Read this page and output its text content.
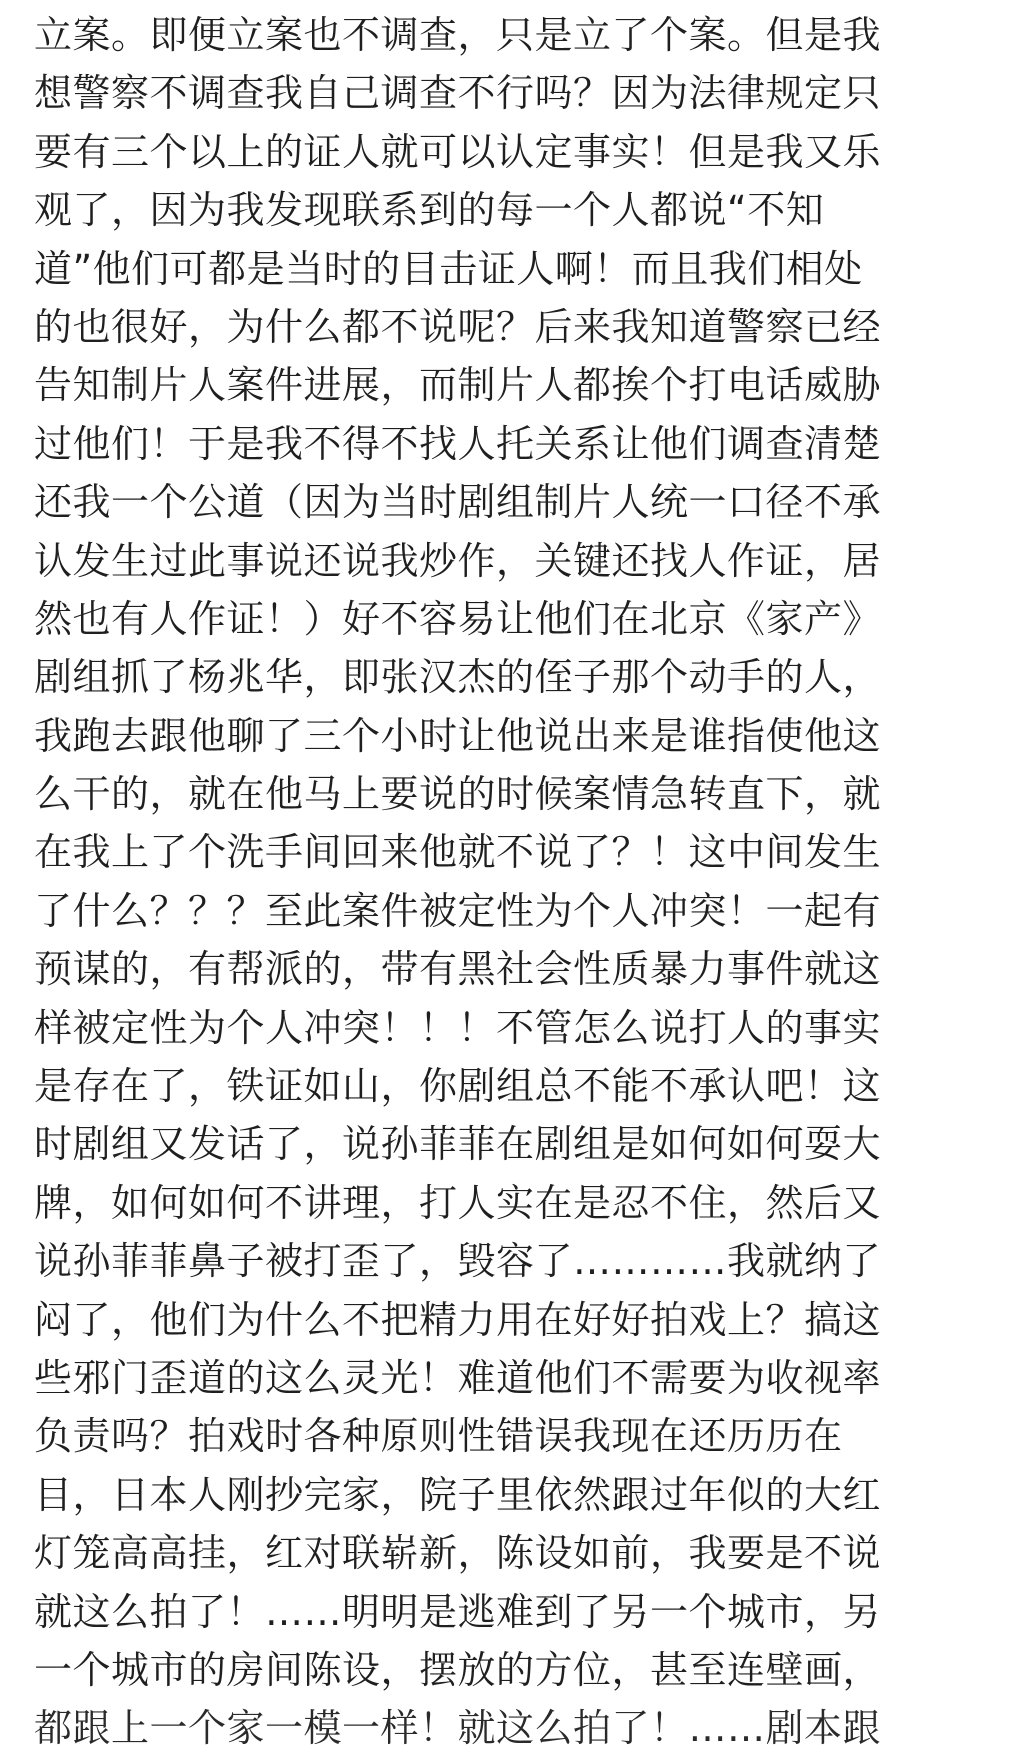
立案。即便立案也不调查，只是立了个案。但是我
想警察不调查我自己调查不行吗？因为法律规定只
要有三个以上的证人就可以认定事实！但是我又乐
观了，因为我发现联系到的每一个人都说“不知
道”他们可都是当时的目击证人啊！而且我们相处
的也很好，为什么都不说呢？后来我知道警察已经
告知制片人案件进展，而制片人都挨个打电话威胁
过他们！于是我不得不找人托关系让他们调查清楚
还我一个公道（因为当时剧组制片人统一口径不承
认发生过此事说还说我炒作，关键还找人作证，居
然也有人作证！）好不容易让他们在北京《家产》
剧组抓了杨兆华，即张汉杰的侄子那个动手的人，
我跑去跟他聊了三个小时让他说出来是谁指使他这
么干的，就在他马上要说的时候案情急转直下，就
在我上了个洗手间回来他就不说了？！这中间发生
了什么？？？至此案件被定性为个人冲突！一起有
预谋的，有帮派的，带有黑社会性质暴力事件就这
样被定性为个人冲突！！！不管怎么说打人的事实
是存在了，铁证如山，你剧组总不能不承认吧！这
时剧组又发话了，说孙菲菲在剧组是如何如何耍大
牌，如何如何不讲理，打人实在是忍不住，然后又
说孙菲菲鼻子被打歪了，毁容了…………我就纳了
闷了，他们为什么不把精力用在好好拍戏上？搞这
些邪门歪道的这么灵光！难道他们不需要为收视率
负责吗？拍戏时各种原则性错误我现在还历历在
目，日本人刚抄完家，院子里依然跟过年似的大红
灯笼高高挂，红对联崭新，陈设如前，我要是不说
就这么拍了！……明明是逃难到了另一个城市，另
一个城市的房间陈设，摆放的方位，甚至连壁画，
都跟上一个家一模一样！就这么拍了！……剧本跟
